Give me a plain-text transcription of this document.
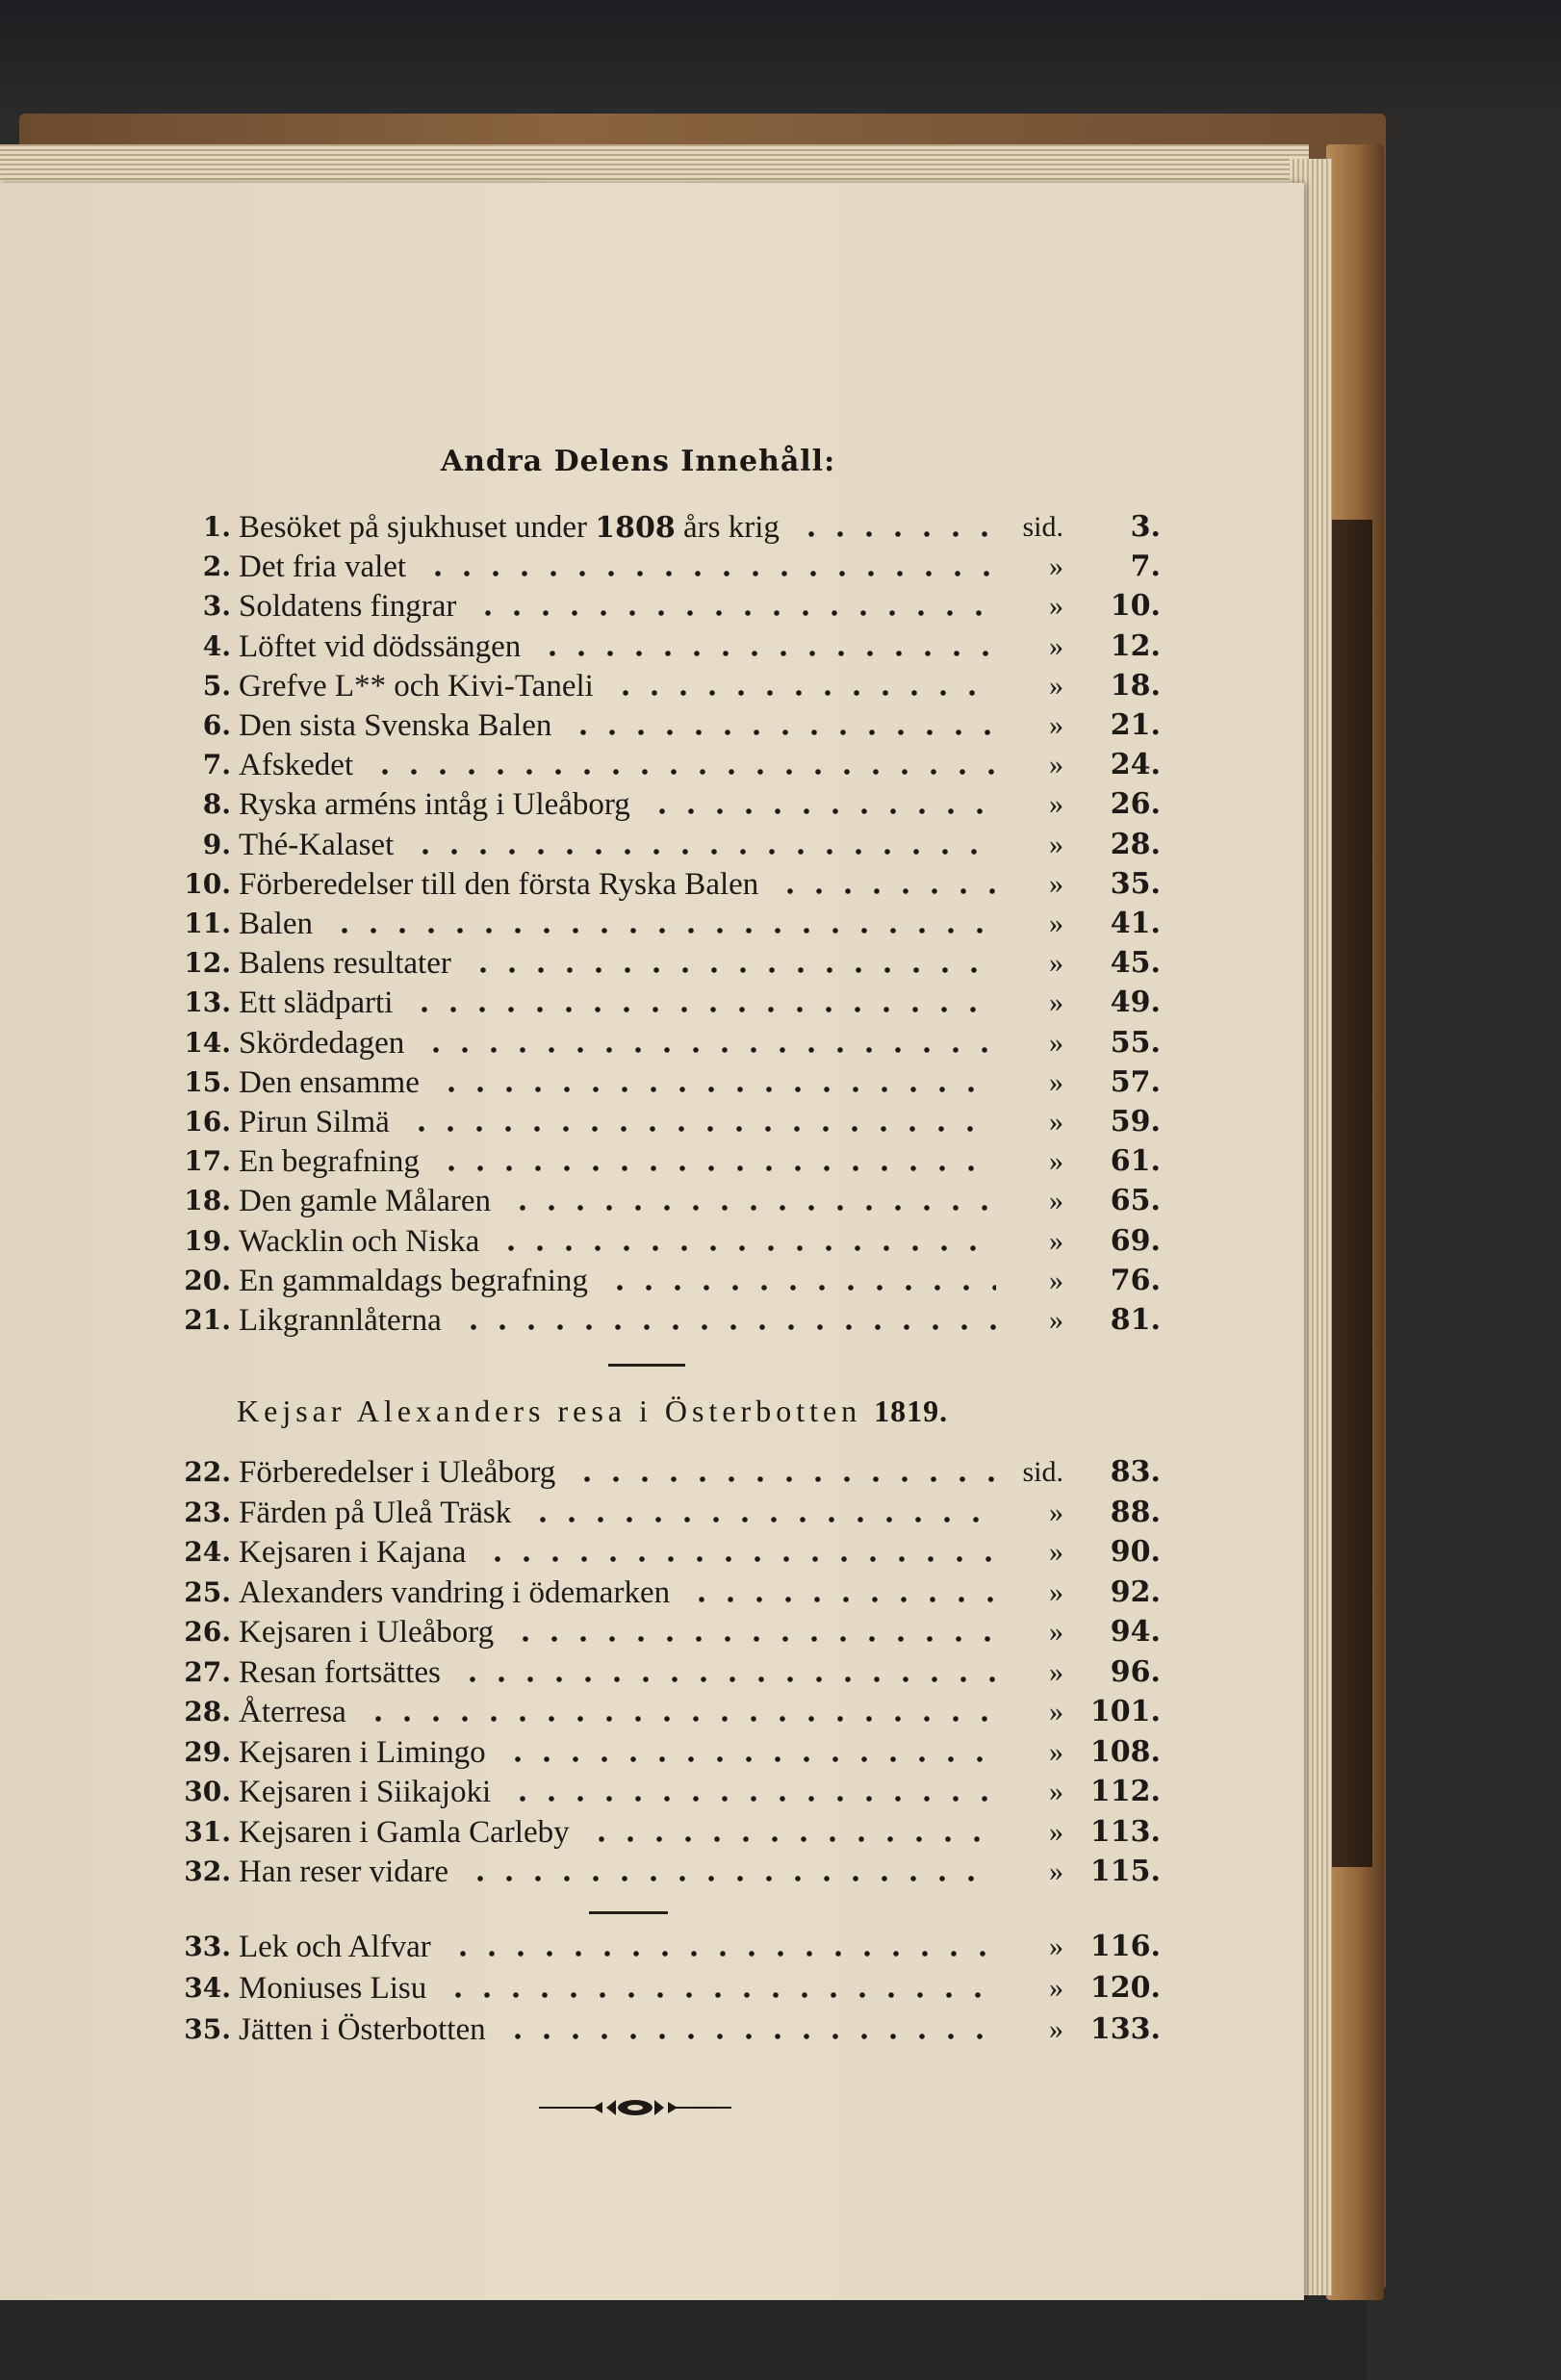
Andra Delens Innehåll:
1. Besöket på sjukhuset under 1808 års krig	sid.	3.
2. Det fria valet	»	7.
3. Soldatens fingrar	»	10.
4. Löftet vid dödssängen	»	12.
5. Grefve L** och Kivi-Taneli	»	18.
6. Den sista Svenska Balen	»	21.
7. Afskedet	»	24.
8. Ryska arméns intåg i Uleåborg	»	26.
9. Thé-Kalaset	»	28.
10. Förberedelser till den första Ryska Balen	»	35.
11. Balen	»	41.
12. Balens resultater	»	45.
13. Ett slädparti	»	49.
14. Skördedagen	»	55.
15. Den ensamme	»	57.
16. Pirun Silmä	»	59.
17. En begrafning	»	61.
18. Den gamle Målaren	»	65.
19. Wacklin och Niska	»	69.
20. En gammaldags begrafning	»	76.
21. Likgrannlåterna	»	81.
Kejsar Alexanders resa i Österbotten 1819.
22. Förberedelser i Uleåborg	sid.	83.
23. Färden på Uleå Träsk	»	88.
24. Kejsaren i Kajana	»	90.
25. Alexanders vandring i ödemarken	»	92.
26. Kejsaren i Uleåborg	»	94.
27. Resan fortsättes	»	96.
28. Återresa	» 101.
29. Kejsaren i Limingo	» 108.
30. Kejsaren i Siikajoki	» 112.
31. Kejsaren i Gamla Carleby	» 113.
32. Han reser vidare	» 115.
33. Lek och Alfvar	» 116.
34. Moniuses Lisu	» 120.
35. Jätten i Österbotten	» 133.
